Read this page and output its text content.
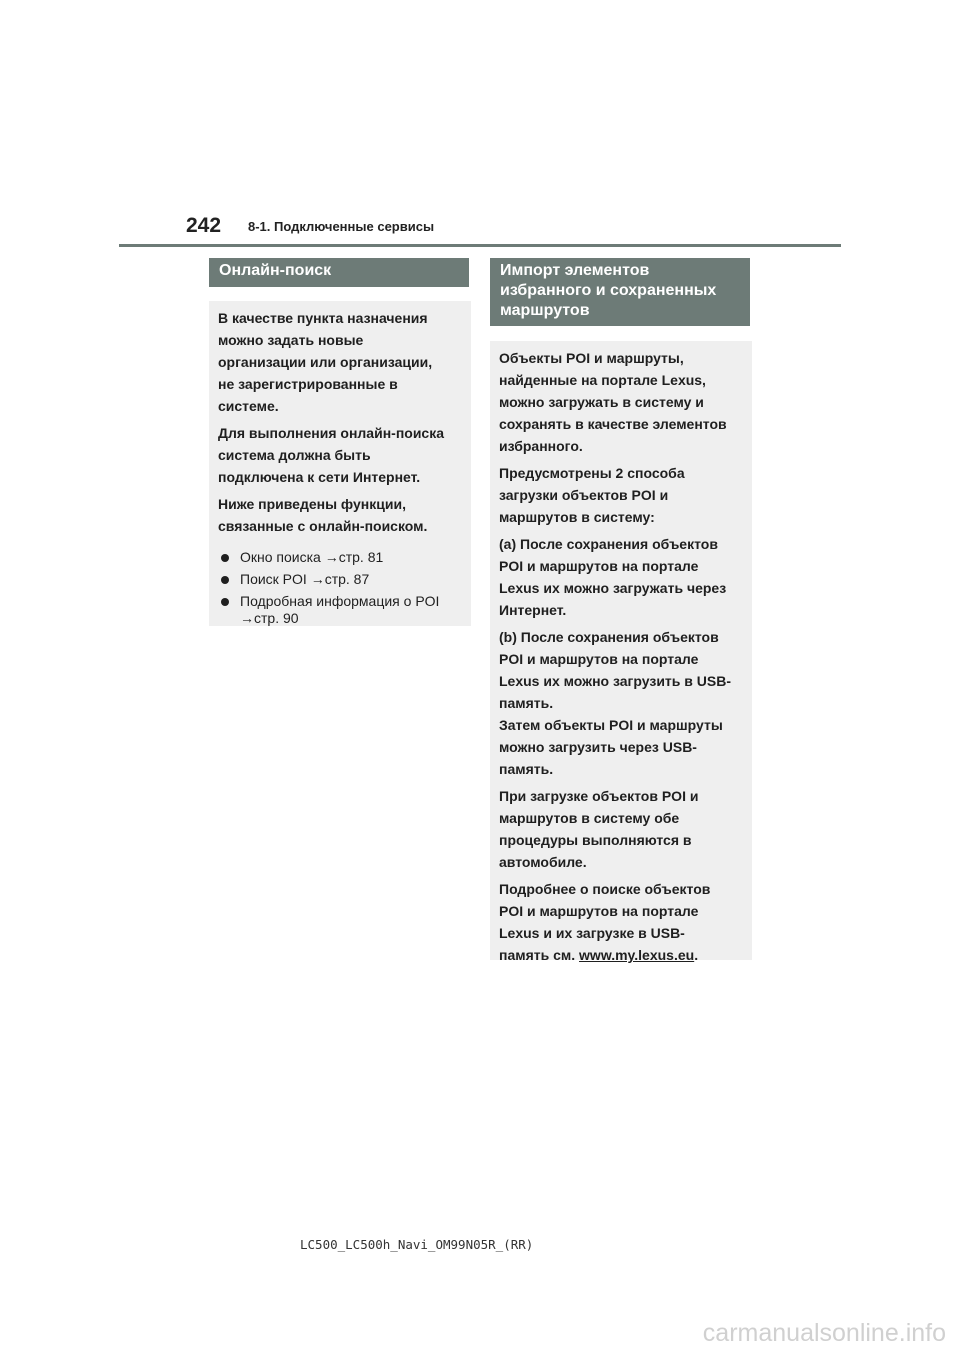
242 8-1. Подключенные сервисы
Онлайн-поиск
В качестве пункта назначения
можно задать новые
организации или организации,
не зарегистрированные в
системе.
Для выполнения онлайн-поиска
система должна быть
подключена к сети Интернет.
Ниже приведены функции,
связанные с онлайн-поиском.
Окно поиска →стр. 81
Поиск POI →стр. 87
Подробная информация о POI
→стр. 90
Импорт элементов
избранного и сохраненных
маршрутов
Объекты POI и маршруты,
найденные на портале Lexus,
можно загружать в систему и
сохранять в качестве элементов
избранного.
Предусмотрены 2 способа
загрузки объектов POI и
маршрутов в систему:
(a) После сохранения объектов
POI и маршрутов на портале
Lexus их можно загружать через
Интернет.
(b) После сохранения объектов
POI и маршрутов на портале
Lexus их можно загрузить в USB-
память.
Затем объекты POI и маршруты
можно загрузить через USB-
память.
При загрузке объектов POI и
маршрутов в систему обе
процедуры выполняются в
автомобиле.
Подробнее о поиске объектов
POI и маршрутов на портале
Lexus и их загрузке в USB-
память см. www.my.lexus.eu.
LC500_LC500h_Navi_OM99N05R_(RR)
carmanualsonline.info
